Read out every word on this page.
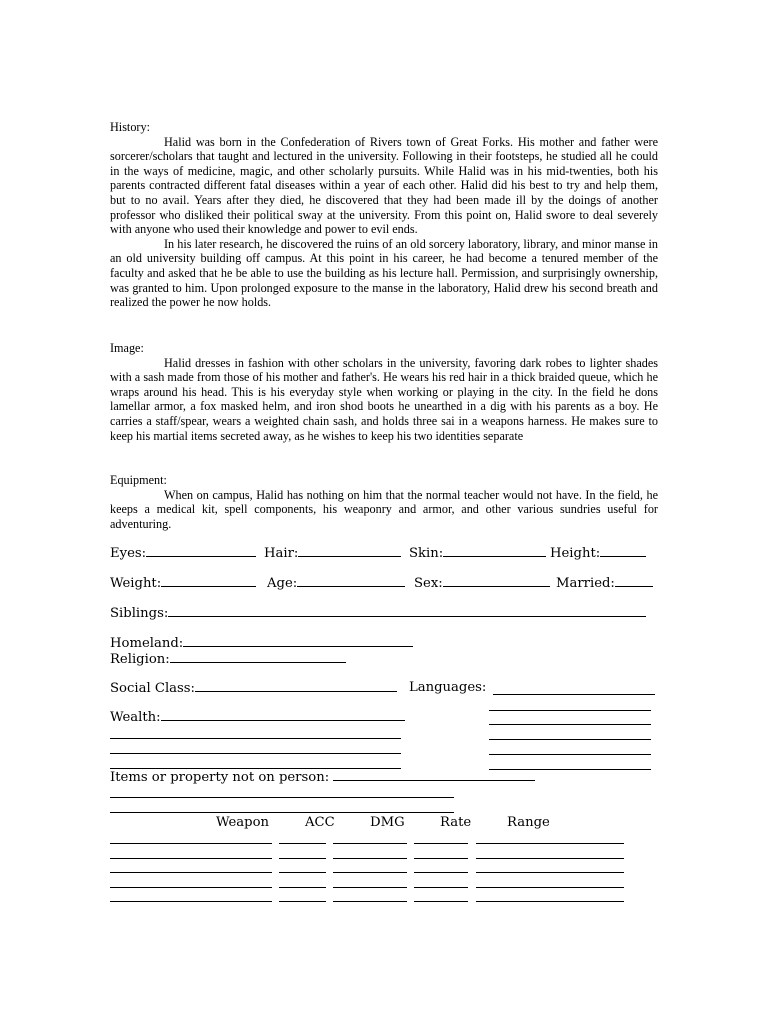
History:

Halid was born in the Confederation of Rivers town of Great Forks. His mother and father were sorcerer/scholars that taught and lectured in the university. Following in their footsteps, he studied all he could in the ways of medicine, magic, and other scholarly pursuits. While Halid was in his mid-twenties, both his parents contracted different fatal diseases within a year of each other. Halid did his best to try and help them, but to no avail. Years after they died, he discovered that they had been made ill by the doings of another professor who disliked their political sway at the university. From this point on, Halid swore to deal severely with anyone who used their knowledge and power to evil ends.

In his later research, he discovered the ruins of an old sorcery laboratory, library, and minor manse in an old university building off campus. At this point in his career, he had become a tenured member of the faculty and asked that he be able to use the building as his lecture hall. Permission, and surprisingly ownership, was granted to him. Upon prolonged exposure to the manse in the laboratory, Halid drew his second breath and realized the power he now holds.

Image:

Halid dresses in fashion with other scholars in the university, favoring dark robes to lighter shades with a sash made from those of his mother and father's. He wears his red hair in a thick braided queue, which he wraps around his head. This is his everyday style when working or playing in the city. In the field he dons lamellar armor, a fox masked helm, and iron shod boots he unearthed in a dig with his parents as a boy. He carries a staff/spear, wears a weighted chain sash, and holds three sai in a weapons harness. He makes sure to keep his martial items secreted away, as he wishes to keep his two identities separate

Equipment:

When on campus, Halid has nothing on him that the normal teacher would not have. In the field, he keeps a medical kit, spell components, his weaponry and armor, and other various sundries useful for adventuring.

Eyes:	Hair:	Skin:	Height:
Weight:	Age:	Sex:	Married:
Siblings:
Homeland:
Religion:
Social Class:	Languages:
Wealth:
Items or property not on person:
Weapon	ACC	DMG	Rate	Range
